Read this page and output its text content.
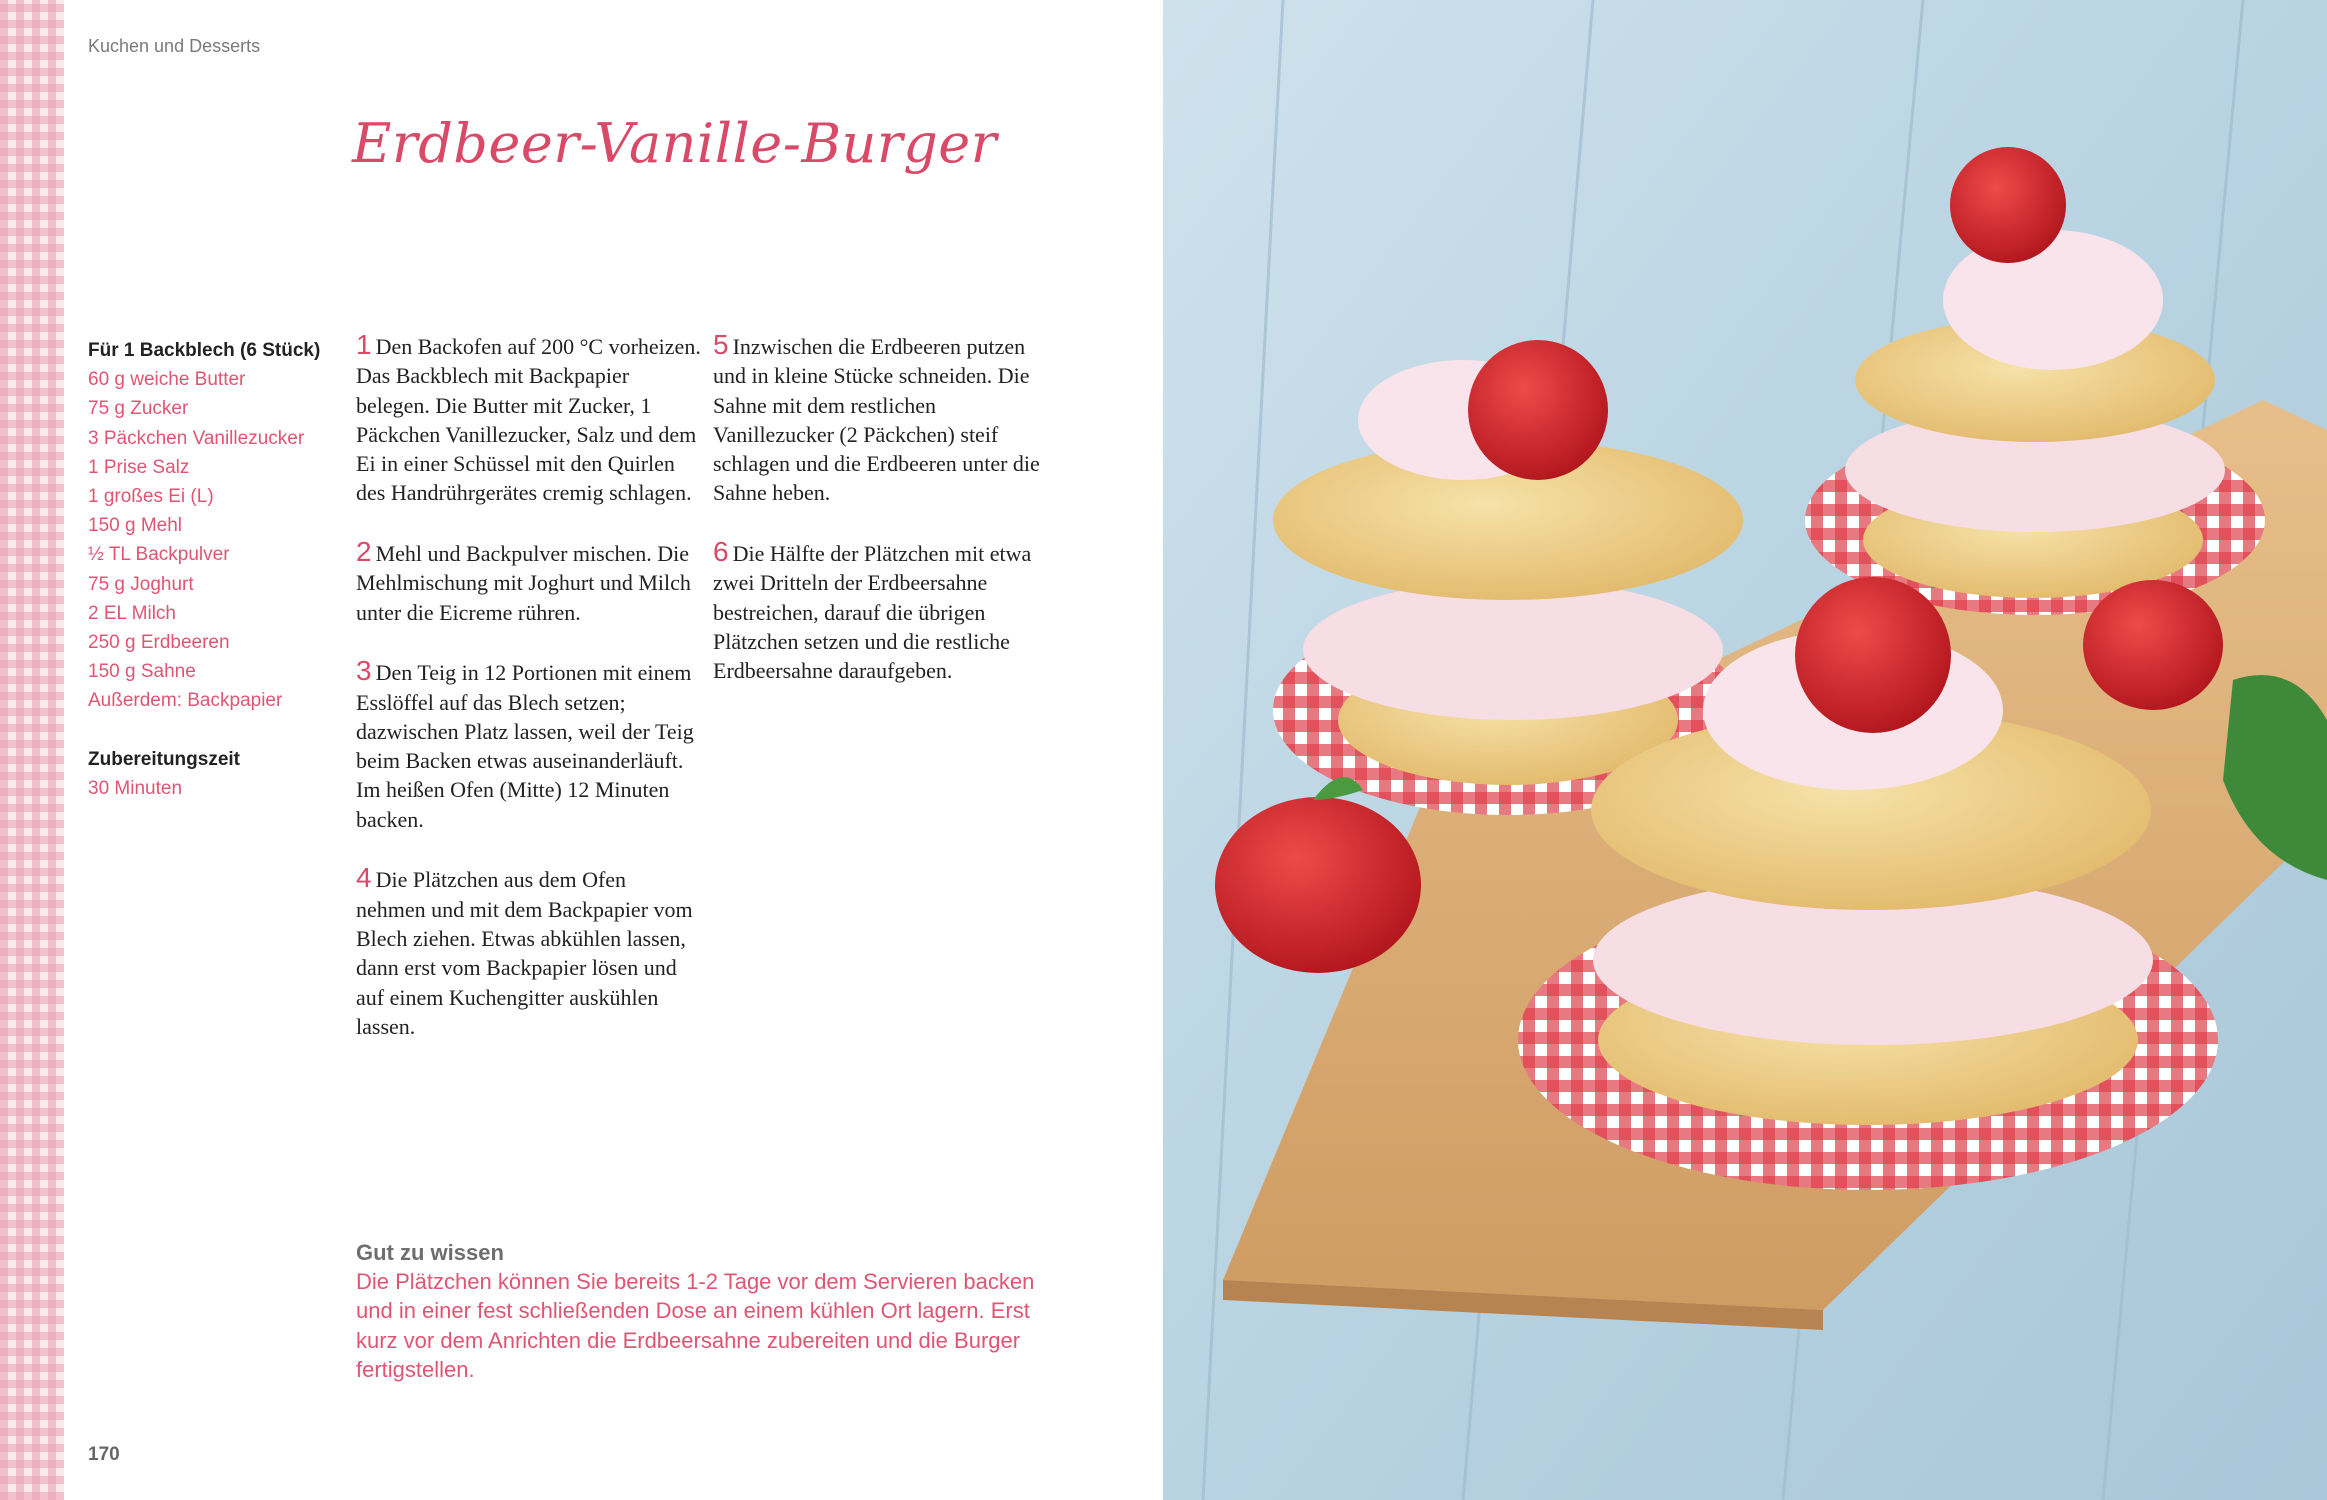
Kuchen und Desserts
Erdbeer-Vanille-Burger
Für 1 Backblech (6 Stück)
60 g weiche Butter
75 g Zucker
3 Päckchen Vanillezucker
1 Prise Salz
1 großes Ei (L)
150 g Mehl
½ TL Backpulver
75 g Joghurt
2 EL Milch
250 g Erdbeeren
150 g Sahne
Außerdem: Backpapier
Zubereitungszeit
30 Minuten

1 Den Backofen auf 200 °C vorheizen. Das Backblech mit Backpapier belegen. Die Butter mit Zucker, 1 Päckchen Vanillezucker, Salz und dem Ei in einer Schüssel mit den Quirlen des Handrührgerätes cremig schlagen.

2 Mehl und Backpulver mischen. Die Mehlmischung mit Joghurt und Milch unter die Eicreme rühren.

3 Den Teig in 12 Portionen mit einem Esslöffel auf das Blech setzen; dazwischen Platz lassen, weil der Teig beim Backen etwas auseinanderläuft. Im heißen Ofen (Mitte) 12 Minuten backen.

4 Die Plätzchen aus dem Ofen nehmen und mit dem Backpapier vom Blech ziehen. Etwas abkühlen lassen, dann erst vom Backpapier lösen und auf einem Kuchengitter auskühlen lassen.

5 Inzwischen die Erdbeeren putzen und in kleine Stücke schneiden. Die Sahne mit dem restlichen Vanillezucker (2 Päckchen) steif schlagen und die Erdbeeren unter die Sahne heben.

6 Die Hälfte der Plätzchen mit etwa zwei Dritteln der Erdbeersahne bestreichen, darauf die übrigen Plätzchen setzen und die restliche Erdbeersahne daraufgeben.

Gut zu wissen
Die Plätzchen können Sie bereits 1-2 Tage vor dem Servieren backen und in einer fest schließenden Dose an einem kühlen Ort lagern. Erst kurz vor dem Anrichten die Erdbeersahne zubereiten und die Burger fertigstellen.
170
